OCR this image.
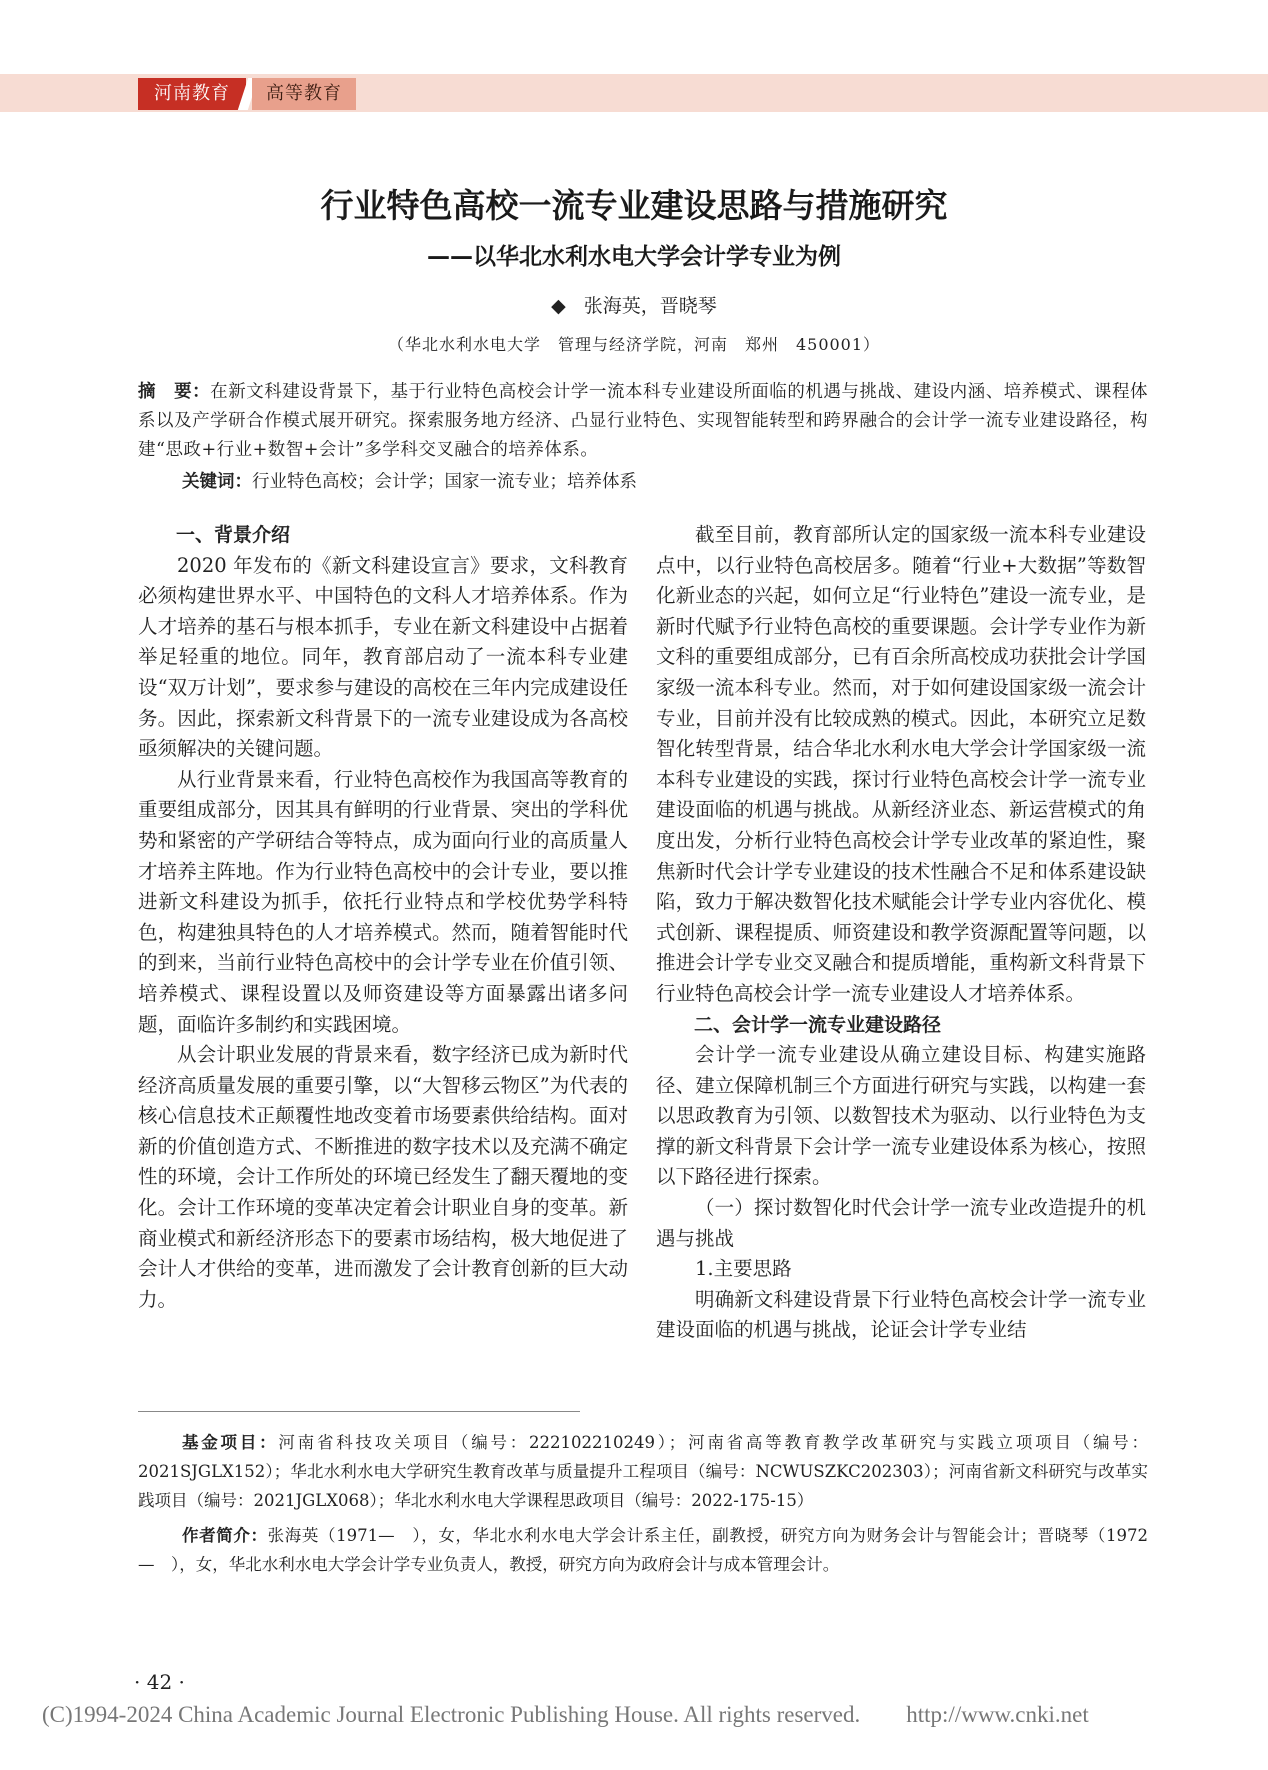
河南教育	高等教育
行业特色高校一流专业建设思路与措施研究
——以华北水利水电大学会计学专业为例
◆ 张海英，晋晓琴
（华北水利水电大学　管理与经济学院，河南　郑州　450001）
摘　要：在新文科建设背景下，基于行业特色高校会计学一流本科专业建设所面临的机遇与挑战、建设内涵、培养模式、课程体系以及产学研合作模式展开研究。探索服务地方经济、凸显行业特色、实现智能转型和跨界融合的会计学一流专业建设路径，构建“思政+行业+数智+会计”多学科交叉融合的培养体系。
关键词：行业特色高校；会计学；国家一流专业；培养体系
一、背景介绍

2020 年发布的《新文科建设宣言》要求，文科教育必须构建世界水平、中国特色的文科人才培养体系。作为人才培养的基石与根本抓手，专业在新文科建设中占据着举足轻重的地位。同年，教育部启动了一流本科专业建设“双万计划”，要求参与建设的高校在三年内完成建设任务。因此，探索新文科背景下的一流专业建设成为各高校亟须解决的关键问题。

从行业背景来看，行业特色高校作为我国高等教育的重要组成部分，因其具有鲜明的行业背景、突出的学科优势和紧密的产学研结合等特点，成为面向行业的高质量人才培养主阵地。作为行业特色高校中的会计专业，要以推进新文科建设为抓手，依托行业特点和学校优势学科特色，构建独具特色的人才培养模式。然而，随着智能时代的到来，当前行业特色高校中的会计学专业在价值引领、培养模式、课程设置以及师资建设等方面暴露出诸多问题，面临许多制约和实践困境。

从会计职业发展的背景来看，数字经济已成为新时代经济高质量发展的重要引擎，以“大智移云物区”为代表的核心信息技术正颠覆性地改变着市场要素供给结构。面对新的价值创造方式、不断推进的数字技术以及充满不确定性的环境，会计工作所处的环境已经发生了翻天覆地的变化。会计工作环境的变革决定着会计职业自身的变革。新商业模式和新经济形态下的要素市场结构，极大地促进了会计人才供给的变革，进而激发了会计教育创新的巨大动力。

截至目前，教育部所认定的国家级一流本科专业建设点中，以行业特色高校居多。随着“行业+大数据”等数智化新业态的兴起，如何立足“行业特色”建设一流专业，是新时代赋予行业特色高校的重要课题。会计学专业作为新文科的重要组成部分，已有百余所高校成功获批会计学国家级一流本科专业。然而，对于如何建设国家级一流会计专业，目前并没有比较成熟的模式。因此，本研究立足数智化转型背景，结合华北水利水电大学会计学国家级一流本科专业建设的实践，探讨行业特色高校会计学一流专业建设面临的机遇与挑战。从新经济业态、新运营模式的角度出发，分析行业特色高校会计学专业改革的紧迫性，聚焦新时代会计学专业建设的技术性融合不足和体系建设缺陷，致力于解决数智化技术赋能会计学专业内容优化、模式创新、课程提质、师资建设和教学资源配置等问题，以推进会计学专业交叉融合和提质增能，重构新文科背景下行业特色高校会计学一流专业建设人才培养体系。

二、会计学一流专业建设路径

会计学一流专业建设从确立建设目标、构建实施路径、建立保障机制三个方面进行研究与实践，以构建一套以思政教育为引领、以数智技术为驱动、以行业特色为支撑的新文科背景下会计学一流专业建设体系为核心，按照以下路径进行探索。

（一）探讨数智化时代会计学一流专业改造提升的机遇与挑战

1.主要思路

明确新文科建设背景下行业特色高校会计学一流专业建设面临的机遇与挑战，论证会计学专业结

基金项目：河南省科技攻关项目（编号：222102210249）；河南省高等教育教学改革研究与实践立项项目（编号：2021SJGLX152）；华北水利水电大学研究生教育改革与质量提升工程项目（编号：NCWUSZKC202303）；河南省新文科研究与改革实践项目（编号：2021JGLX068）；华北水利水电大学课程思政项目（编号：2022-175-15）

作者简介：张海英（1971—　），女，华北水利水电大学会计系主任，副教授，研究方向为财务会计与智能会计；晋晓琴（1972—　），女，华北水利水电大学会计学专业负责人，教授，研究方向为政府会计与成本管理会计。

· 42 ·
(C)1994-2024 China Academic Journal Electronic Publishing House. All rights reserved.　　http://www.cnki.net
